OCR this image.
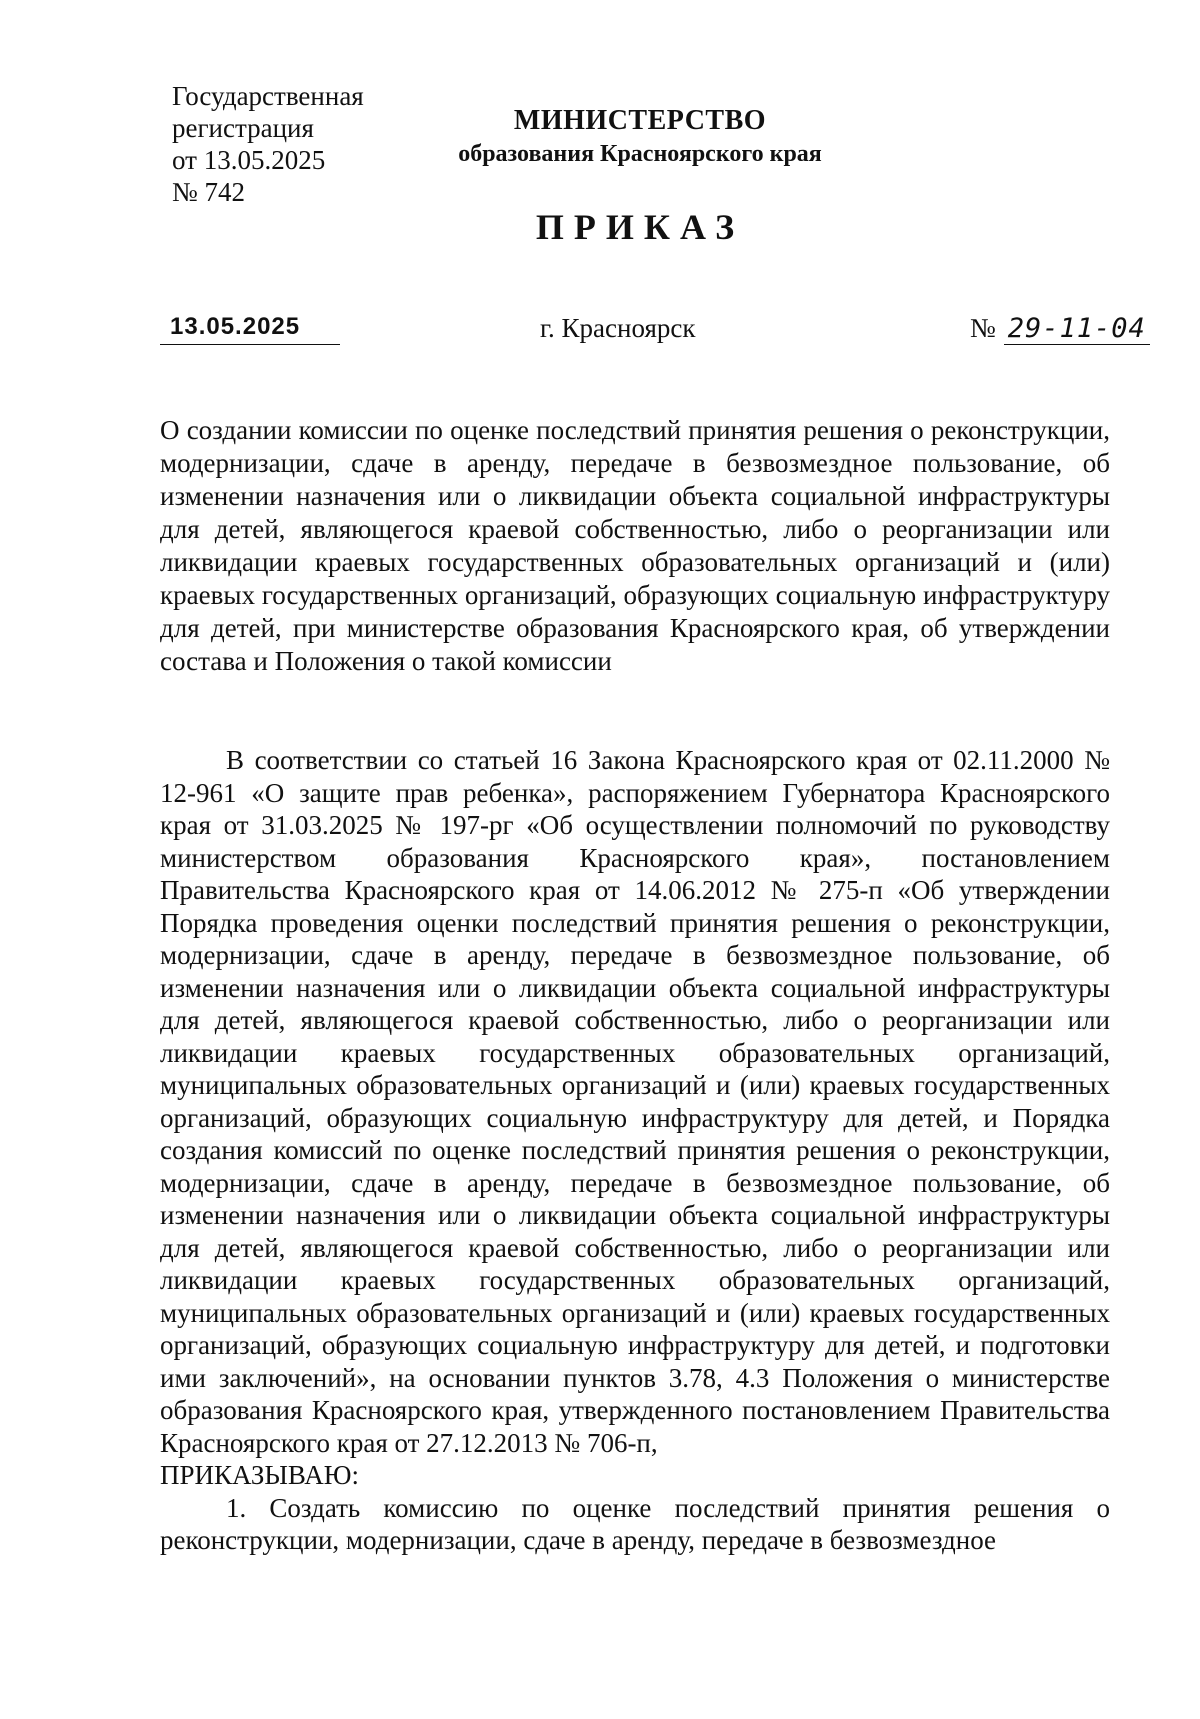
Государственная
регистрация
от 13.05.2025
№ 742
МИНИСТЕРСТВО
образования Красноярского края
ПРИКАЗ
13.05.2025	г. Красноярск	№ 29-11-04
О создании комиссии по оценке последствий принятия решения о реконструкции, модернизации, сдаче в аренду, передаче в безвозмездное пользование, об изменении назначения или о ликвидации объекта социальной инфраструктуры для детей, являющегося краевой собственностью, либо о реорганизации или ликвидации краевых государственных образовательных организаций и (или) краевых государственных организаций, образующих социальную инфраструктуру для детей, при министерстве образования Красноярского края, об утверждении состава и Положения о такой комиссии

В соответствии со статьей 16 Закона Красноярского края от 02.11.2000 № 12-961 «О защите прав ребенка», распоряжением Губернатора Красноярского края от 31.03.2025 № 197-рг «Об осуществлении полномочий по руководству министерством образования Красноярского края», постановлением Правительства Красноярского края от 14.06.2012 № 275-п «Об утверждении Порядка проведения оценки последствий принятия решения о реконструкции, модернизации, сдаче в аренду, передаче в безвозмездное пользование, об изменении назначения или о ликвидации объекта социальной инфраструктуры для детей, являющегося краевой собственностью, либо о реорганизации или ликвидации краевых государственных образовательных организаций, муниципальных образовательных организаций и (или) краевых государственных организаций, образующих социальную инфраструктуру для детей, и Порядка создания комиссий по оценке последствий принятия решения о реконструкции, модернизации, сдаче в аренду, передаче в безвозмездное пользование, об изменении назначения или о ликвидации объекта социальной инфраструктуры для детей, являющегося краевой собственностью, либо о реорганизации или ликвидации краевых государственных образовательных организаций, муниципальных образовательных организаций и (или) краевых государственных организаций, образующих социальную инфраструктуру для детей, и подготовки ими заключений», на основании пунктов 3.78, 4.3 Положения о министерстве образования Красноярского края, утвержденного постановлением Правительства Красноярского края от 27.12.2013 № 706-п,

ПРИКАЗЫВАЮ:

1. Создать комиссию по оценке последствий принятия решения о реконструкции, модернизации, сдаче в аренду, передаче в безвозмездное
